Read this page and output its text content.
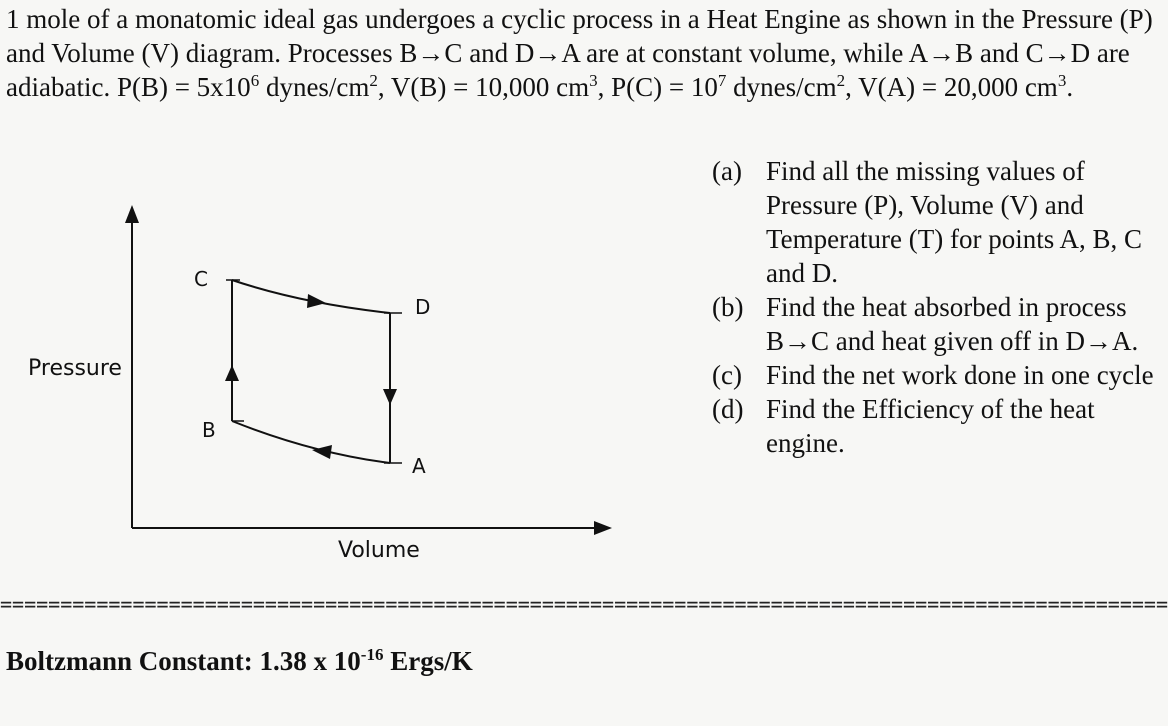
1 mole of a monatomic ideal gas undergoes a cyclic process in a Heat Engine as shown in the Pressure (P) and Volume (V) diagram. Processes B→C and D→A are at constant volume, while A→B and C→D are adiabatic. $P(B) = 5x10^6$ dynes/$cm^2$, V(B) = 10,000 $cm^3$, $P(C) = 10^7$ dynes/$cm^2$, V(A) = 20,000 $cm^3$.
(a) Find all the missing values of Pressure (P), Volume (V) and Temperature (T) for points A, B, C and D.
(b) Find the heat absorbed in process B→C and heat given off in D→A.
(c) Find the net work done in one cycle
(d) Find the Efficiency of the heat engine.
Pressure
Volume
C
B
D
A
=================================================================================================
Boltzmann Constant: 1.38 x $10^{-16}$ Ergs/K
